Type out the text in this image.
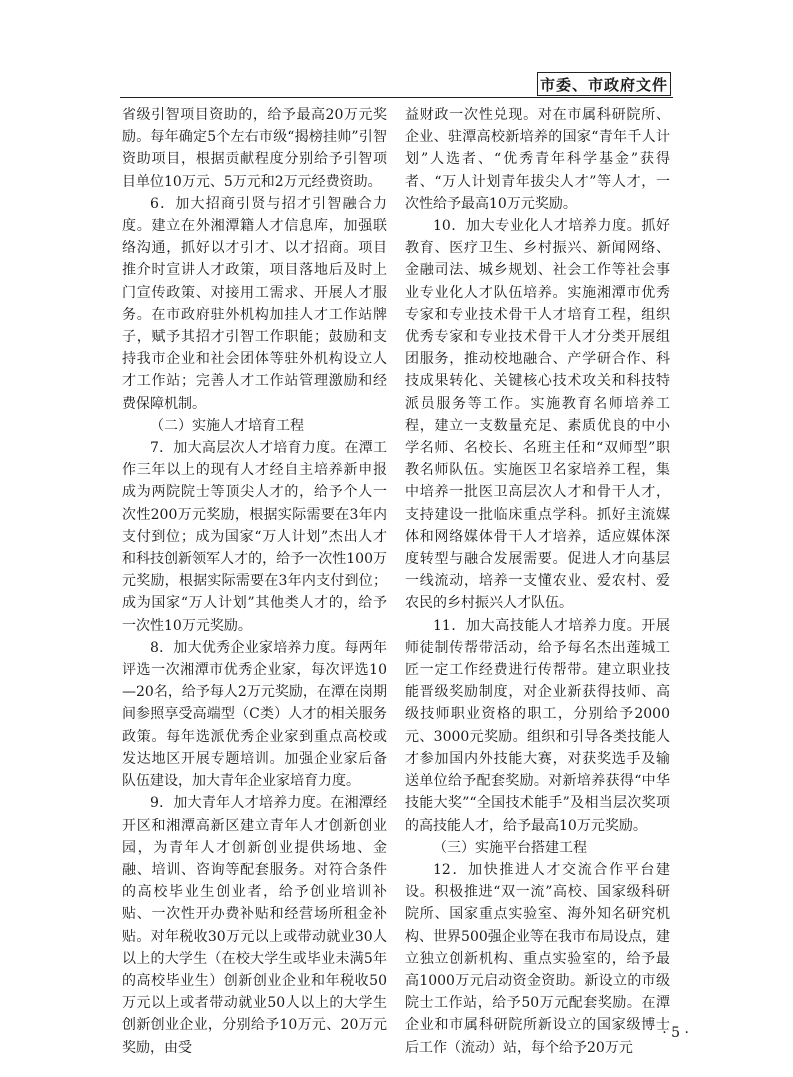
市委、市政府文件

省级引智项目资助的，给予最高20万元奖励。每年确定5个左右市级“揭榜挂帅”引智资助项目，根据贡献程度分别给予引智项目单位10万元、5万元和2万元经费资助。

6．加大招商引贤与招才引智融合力度。建立在外湘潭籍人才信息库，加强联络沟通，抓好以才引才、以才招商。项目推介时宣讲人才政策，项目落地后及时上门宣传政策、对接用工需求、开展人才服务。在市政府驻外机构加挂人才工作站牌子，赋予其招才引智工作职能；鼓励和支持我市企业和社会团体等驻外机构设立人才工作站；完善人才工作站管理激励和经费保障机制。

（二）实施人才培育工程

7．加大高层次人才培育力度。在潭工作三年以上的现有人才经自主培养新申报成为两院院士等顶尖人才的，给予个人一次性200万元奖励，根据实际需要在3年内支付到位；成为国家“万人计划”杰出人才和科技创新领军人才的，给予一次性100万元奖励，根据实际需要在3年内支付到位；成为国家“万人计划”其他类人才的，给予一次性10万元奖励。

8．加大优秀企业家培养力度。每两年评选一次湘潭市优秀企业家，每次评选10—20名，给予每人2万元奖励，在潭在岗期间参照享受高端型（C类）人才的相关服务政策。每年选派优秀企业家到重点高校或发达地区开展专题培训。加强企业家后备队伍建设，加大青年企业家培育力度。

9．加大青年人才培养力度。在湘潭经开区和湘潭高新区建立青年人才创新创业园，为青年人才创新创业提供场地、金融、培训、咨询等配套服务。对符合条件的高校毕业生创业者，给予创业培训补贴、一次性开办费补贴和经营场所租金补贴。对年税收30万元以上或带动就业30人以上的大学生（在校大学生或毕业未满5年的高校毕业生）创新创业企业和年税收50万元以上或者带动就业50人以上的大学生创新创业企业，分别给予10万元、20万元奖励，由受

益财政一次性兑现。对在市属科研院所、企业、驻潭高校新培养的国家“青年千人计划”人选者、“优秀青年科学基金”获得者、“万人计划青年拔尖人才”等人才，一次性给予最高10万元奖励。

10．加大专业化人才培养力度。抓好教育、医疗卫生、乡村振兴、新闻网络、金融司法、城乡规划、社会工作等社会事业专业化人才队伍培养。实施湘潭市优秀专家和专业技术骨干人才培育工程，组织优秀专家和专业技术骨干人才分类开展组团服务，推动校地融合、产学研合作、科技成果转化、关键核心技术攻关和科技特派员服务等工作。实施教育名师培养工程，建立一支数量充足、素质优良的中小学名师、名校长、名班主任和“双师型”职教名师队伍。实施医卫名家培养工程，集中培养一批医卫高层次人才和骨干人才，支持建设一批临床重点学科。抓好主流媒体和网络媒体骨干人才培养，适应媒体深度转型与融合发展需要。促进人才向基层一线流动，培养一支懂农业、爱农村、爱农民的乡村振兴人才队伍。

11．加大高技能人才培养力度。开展师徒制传帮带活动，给予每名杰出莲城工匠一定工作经费进行传帮带。建立职业技能晋级奖励制度，对企业新获得技师、高级技师职业资格的职工，分别给予2000元、3000元奖励。组织和引导各类技能人才参加国内外技能大赛，对获奖选手及输送单位给予配套奖励。对新培养获得“中华技能大奖”“全国技术能手”及相当层次奖项的高技能人才，给予最高10万元奖励。

（三）实施平台搭建工程

12．加快推进人才交流合作平台建设。积极推进“双一流”高校、国家级科研院所、国家重点实验室、海外知名研究机构、世界500强企业等在我市布局设点，建立独立创新机构、重点实验室的，给予最高1000万元启动资金资助。新设立的市级院士工作站，给予50万元配套奖励。在潭企业和市属科研院所新设立的国家级博士后工作（流动）站，每个给予20万元

· 5 ·
